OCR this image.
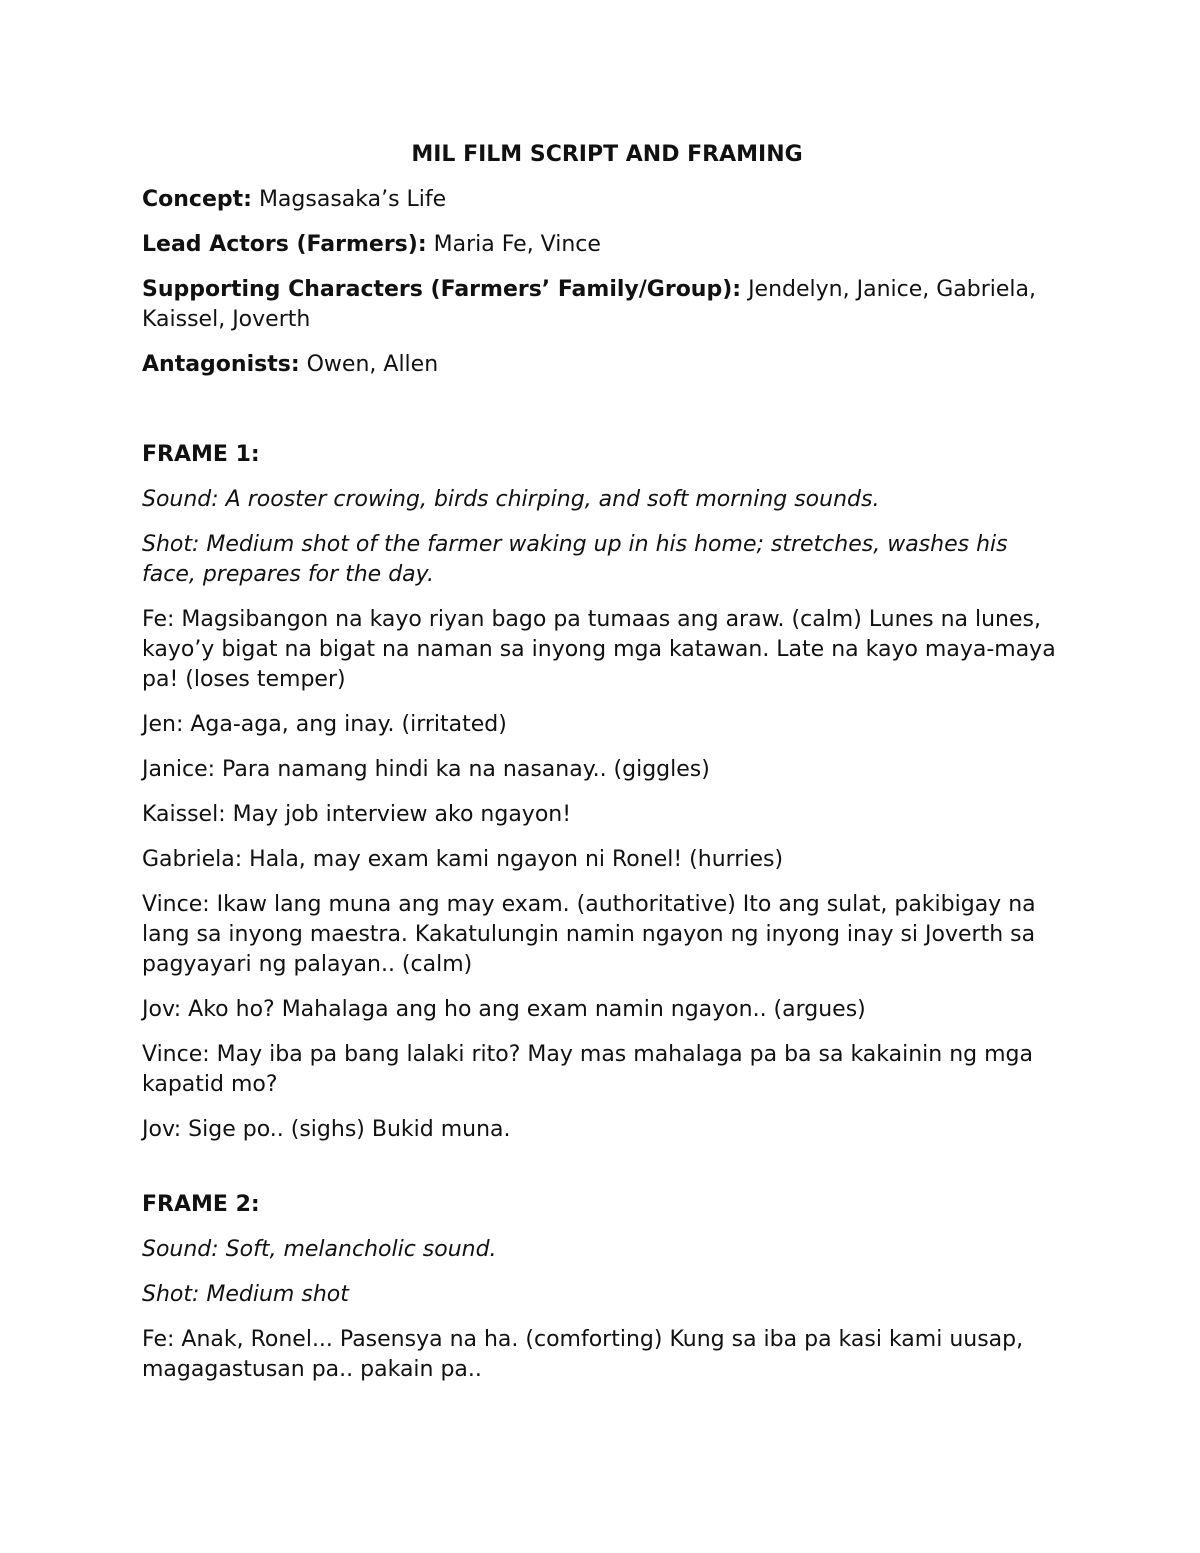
MIL FILM SCRIPT AND FRAMING

Concept: Magsasaka’s Life

Lead Actors (Farmers): Maria Fe, Vince

Supporting Characters (Farmers’ Family/Group): Jendelyn, Janice, Gabriela, Kaissel, Joverth

Antagonists: Owen, Allen

FRAME 1:

Sound: A rooster crowing, birds chirping, and soft morning sounds.

Shot: Medium shot of the farmer waking up in his home; stretches, washes his face, prepares for the day.

Fe: Magsibangon na kayo riyan bago pa tumaas ang araw. (calm) Lunes na lunes, kayo’y bigat na bigat na naman sa inyong mga katawan. Late na kayo maya-maya pa! (loses temper)

Jen: Aga-aga, ang inay. (irritated)

Janice: Para namang hindi ka na nasanay.. (giggles)

Kaissel: May job interview ako ngayon!

Gabriela: Hala, may exam kami ngayon ni Ronel! (hurries)

Vince: Ikaw lang muna ang may exam. (authoritative) Ito ang sulat, pakibigay na lang sa inyong maestra. Kakatulungin namin ngayon ng inyong inay si Joverth sa pagyayari ng palayan.. (calm)

Jov: Ako ho? Mahalaga ang ho ang exam namin ngayon.. (argues)

Vince: May iba pa bang lalaki rito? May mas mahalaga pa ba sa kakainin ng mga kapatid mo?

Jov: Sige po.. (sighs) Bukid muna.

FRAME 2:

Sound: Soft, melancholic sound.

Shot: Medium shot

Fe: Anak, Ronel... Pasensya na ha. (comforting) Kung sa iba pa kasi kami uusap, magagastusan pa.. pakain pa..
